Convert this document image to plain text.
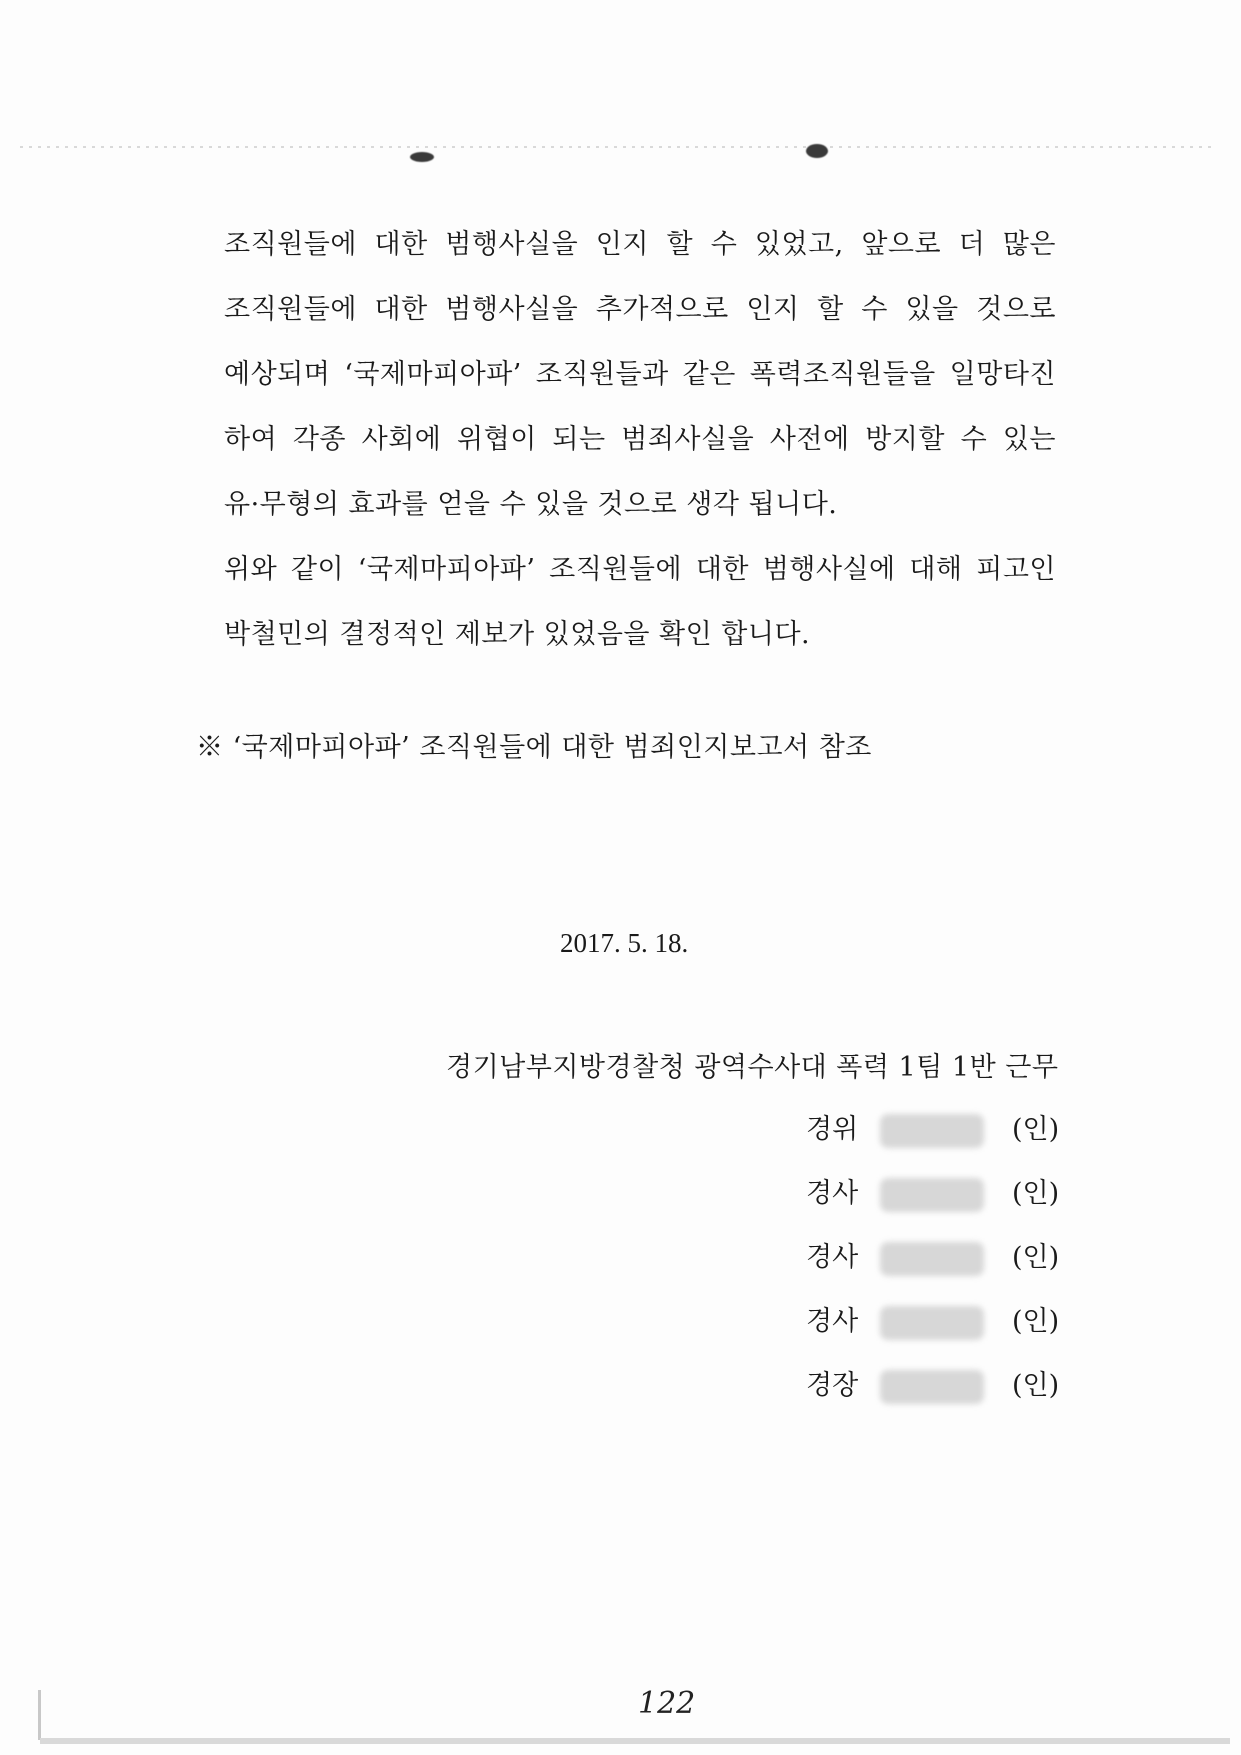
조직원들에 대한 범행사실을 인지 할 수 있었고, 앞으로 더 많은
조직원들에 대한 범행사실을 추가적으로 인지 할 수 있을 것으로
예상되며 ‘국제마피아파’ 조직원들과 같은 폭력조직원들을 일망타진
하여 각종 사회에 위협이 되는 범죄사실을 사전에 방지할 수 있는
유·무형의 효과를 얻을 수 있을 것으로 생각 됩니다.
위와 같이 ‘국제마피아파’ 조직원들에 대한 범행사실에 대해 피고인
박철민의 결정적인 제보가 있었음을 확인 합니다.
※ ‘국제마피아파’ 조직원들에 대한 범죄인지보고서 참조
2017. 5. 18.
경기남부지방경찰청 광역수사대 폭력 1팀 1반 근무
경위	(인)
경사	(인)
경사	(인)
경사	(인)
경장	(인)
122
